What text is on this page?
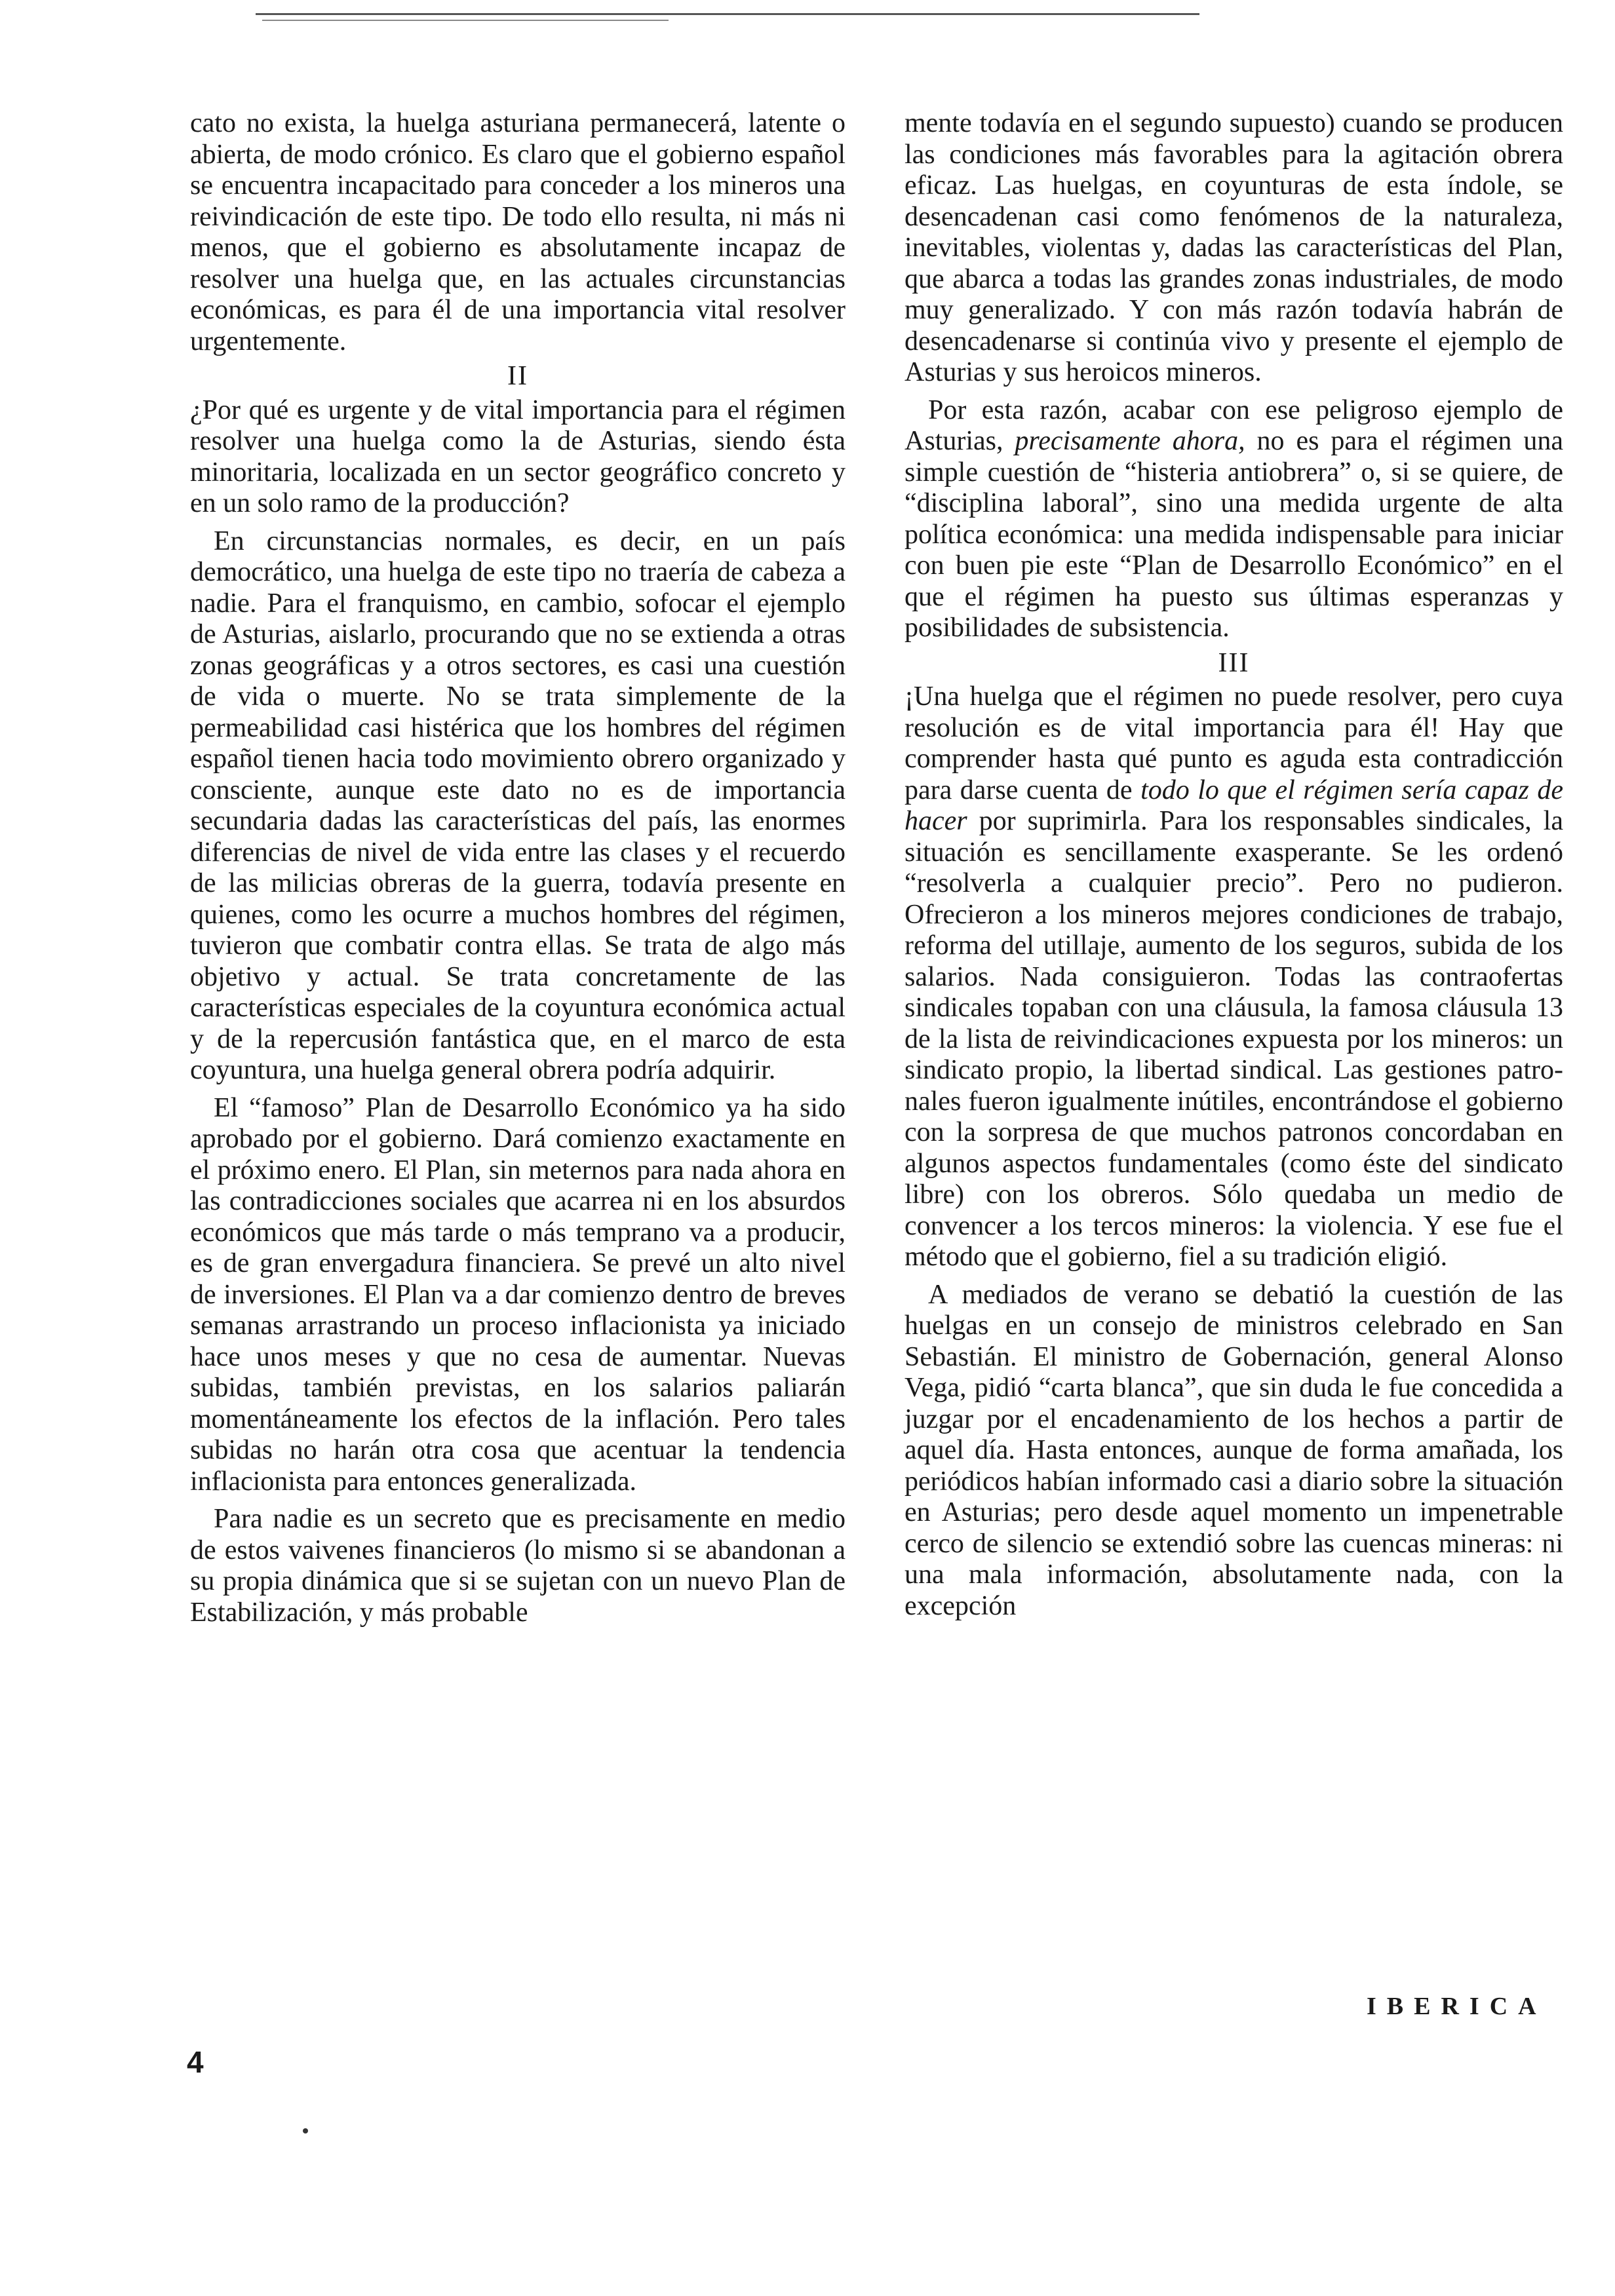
cato no exista, la huelga asturiana permanecerá, latente o abierta, de modo crónico. Es claro que el gobierno español se encuentra incapacitado para conceder a los mineros una reivindicación de este tipo. De todo ello resulta, ni más ni menos, que el gobierno es absolutamente incapaz de resolver una huelga que, en las actuales circunstancias económicas, es para él de una importancia vital resolver urgentemente.

II

¿Por qué es urgente y de vital importancia para el régimen resolver una huelga como la de Asturias, siendo ésta minoritaria, localizada en un sector geográfico concreto y en un solo ramo de la producción?

En circunstancias normales, es decir, en un país democrático, una huelga de este tipo no traería de cabeza a nadie. Para el franquismo, en cambio, sofocar el ejemplo de Asturias, aislarlo, procurando que no se extienda a otras zonas geográficas y a otros sectores, es casi una cuestión de vida o muerte. No se trata simplemente de la permeabilidad casi histérica que los hombres del régimen español tienen hacia todo movimiento obrero organizado y consciente, aunque este dato no es de importancia secundaria dadas las características del país, las enormes diferencias de nivel de vida entre las clases y el recuerdo de las milicias obreras de la guerra, todavía presente en quienes, como les ocurre a muchos hombres del régimen, tuvieron que combatir contra ellas. Se trata de algo más objetivo y actual. Se trata concretamente de las características especiales de la coyuntura económica actual y de la repercusión fantástica que, en el marco de esta coyuntura, una huelga general obrera podría adquirir.

El “famoso” Plan de Desarrollo Económico ya ha sido aprobado por el gobierno. Dará comienzo exactamente en el próximo enero. El Plan, sin meternos para nada ahora en las contradicciones sociales que acarrea ni en los absurdos económicos que más tarde o más temprano va a producir, es de gran envergadura financiera. Se prevé un alto nivel de inversiones. El Plan va a dar comienzo dentro de breves semanas arrastrando un proceso inflacionista ya iniciado hace unos meses y que no cesa de aumentar. Nuevas subidas, también previstas, en los salarios paliarán momentáneamente los efectos de la inflación. Pero tales subidas no harán otra cosa que acentuar la tendencia inflacionista para entonces generalizada.

Para nadie es un secreto que es precisamente en medio de estos vaivenes financieros (lo mismo si se abandonan a su propia dinámica que si se sujetan con un nuevo Plan de Estabilización, y más probable

mente todavía en el segundo supuesto) cuando se producen las condiciones más favorables para la agitación obrera eficaz. Las huelgas, en coyunturas de esta índole, se desencadenan casi como fenómenos de la naturaleza, inevitables, violentas y, dadas las características del Plan, que abarca a todas las grandes zonas industriales, de modo muy generalizado. Y con más razón todavía habrán de desencadenarse si continúa vivo y presente el ejemplo de Asturias y sus heroicos mineros.

Por esta razón, acabar con ese peligroso ejemplo de Asturias, precisamente ahora, no es para el régimen una simple cuestión de “histeria antiobrera” o, si se quiere, de “disciplina laboral”, sino una medida urgente de alta política económica: una medida indispensable para iniciar con buen pie este “Plan de Desarrollo Económico” en el que el régimen ha puesto sus últimas esperanzas y posibilidades de subsistencia.

III

¡Una huelga que el régimen no puede resolver, pero cuya resolución es de vital importancia para él! Hay que comprender hasta qué punto es aguda esta contradicción para darse cuenta de todo lo que el régimen sería capaz de hacer por suprimirla. Para los responsables sindicales, la situación es sencillamente exasperante. Se les ordenó “resolverla a cualquier precio”. Pero no pudieron. Ofrecieron a los mineros mejores condiciones de trabajo, reforma del utillaje, aumento de los seguros, subida de los salarios. Nada consiguieron. Todas las contraofertas sindicales topaban con una cláusula, la famosa cláusula 13 de la lista de reivindicaciones expuesta por los mineros: un sindicato propio, la libertad sindical. Las gestiones patronales fueron igualmente inútiles, encontrándose el gobierno con la sorpresa de que muchos patronos concordaban en algunos aspectos fundamentales (como éste del sindicato libre) con los obreros. Sólo quedaba un medio de convencer a los tercos mineros: la violencia. Y ese fue el método que el gobierno, fiel a su tradición eligió.

A mediados de verano se debatió la cuestión de las huelgas en un consejo de ministros celebrado en San Sebastián. El ministro de Gobernación, general Alonso Vega, pidió “carta blanca”, que sin duda le fue concedida a juzgar por el encadenamiento de los hechos a partir de aquel día. Hasta entonces, aunque de forma amañada, los periódicos habían informado casi a diario sobre la situación en Asturias; pero desde aquel momento un impenetrable cerco de silencio se extendió sobre las cuencas mineras: ni una mala información, absolutamente nada, con la excepción

4
IBERICA
